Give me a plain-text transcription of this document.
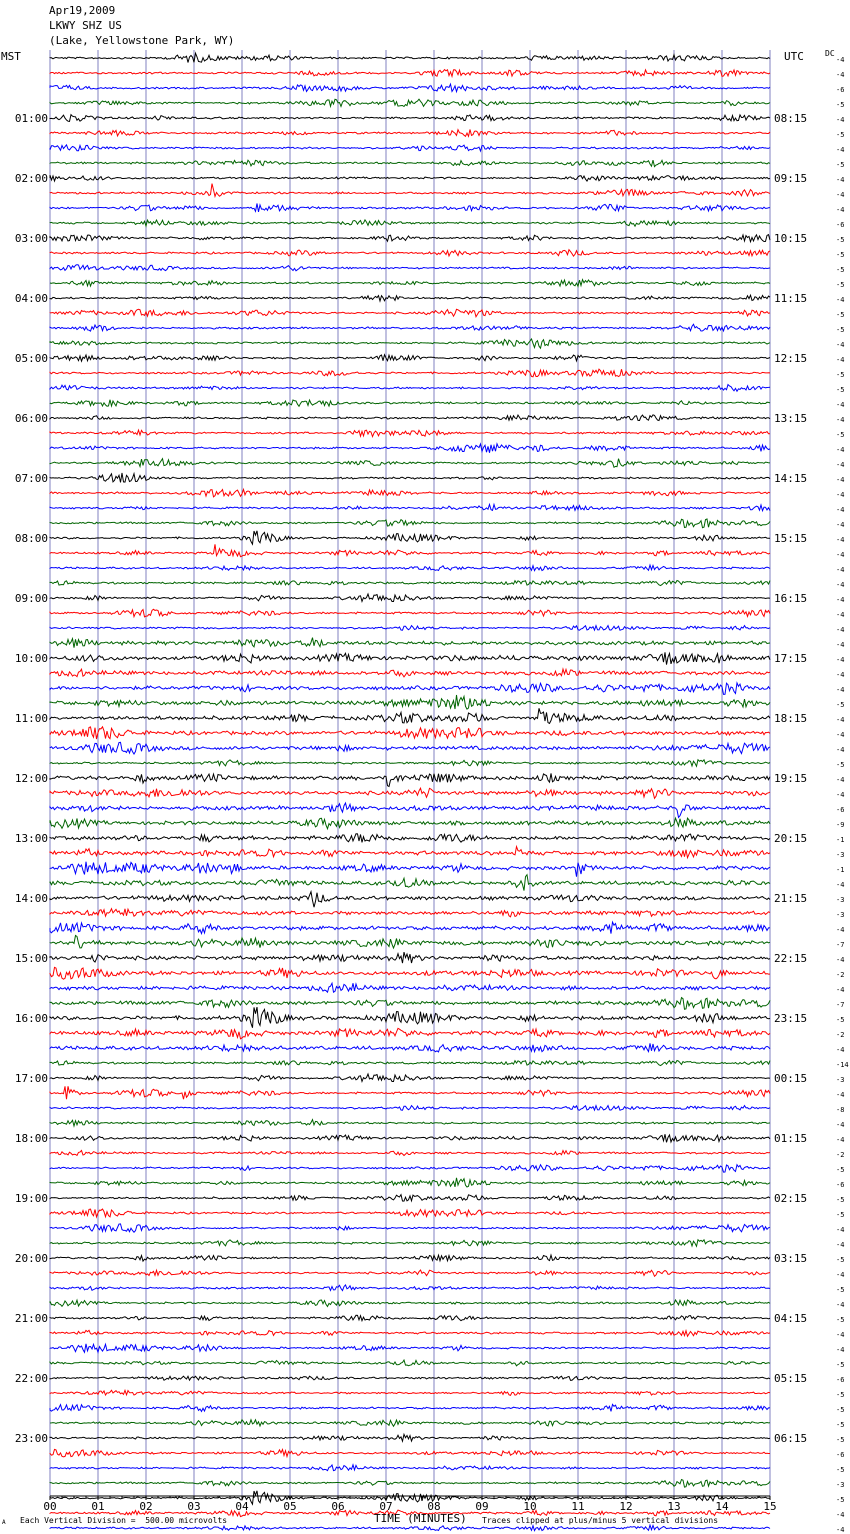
Apr19,2009
LKWY SHZ US
(Lake, Yellowstone Park, WY)
MST	UTC	DC
00	01	02	03	04	05	06	07	08	09	10	11	12	13	14	15
-4
-4
-6
-5
-4
-5
-4
-5
-4
-4
-4
-6
-5
-5
-5
-5
-4
-5
-5
-4
-4
-5
-5
-4
-4
-5
-4
-4
-4
-4
-4
-4
-4
-4
-4
-4
-4
-4
-4
-4
-4
-4
-4
-5
-4
-4
-4
-5
-4
-4
-6
-9
-1
-3
-1
-4
-3
-3
-4
-7
-4
-2
-4
-7
-5
-2
-4
-14
-3
-4
-8
-4
-4
-2
-5
-6
-5
-5
-4
-4
-5
-4
-5
-4
-5
-4
-4
-5
-6
-5
-5
-5
-5
-6
-5
-3
-5
-4
-4
01:00
02:00
03:00
04:00
05:00
06:00
07:00
08:00
09:00
10:00
11:00
12:00
13:00
14:00
15:00
16:00
17:00
18:00
19:00
20:00
21:00
22:00
23:00
08:15
09:15
10:15
11:15
12:15
13:15
14:15
15:15
16:15
17:15
18:15
19:15
20:15
21:15
22:15
23:15
00:15
01:15
02:15
03:15
04:15
05:15
06:15
A Each Vertical Division =  500.00 microvolts	TIME (MINUTES) Traces clipped at plus/minus 5 vertical divisions
